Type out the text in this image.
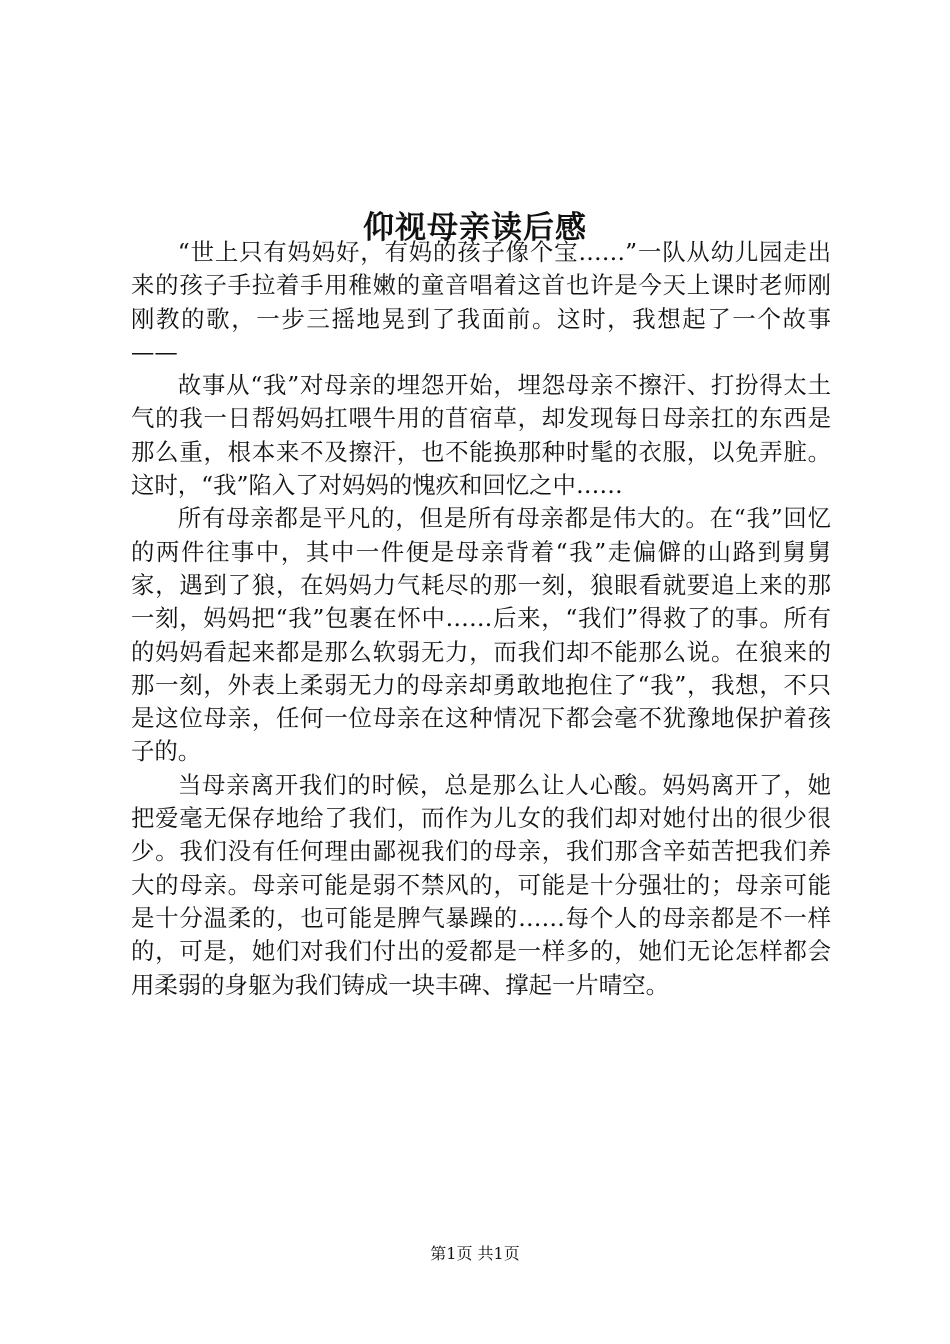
仰视母亲读后感

“世上只有妈妈好，有妈的孩子像个宝……”一队从幼儿园走出来的孩子手拉着手用稚嫩的童音唱着这首也许是今天上课时老师刚刚教的歌，一步三摇地晃到了我面前。这时，我想起了一个故事——

故事从“我”对母亲的埋怨开始，埋怨母亲不擦汗、打扮得太土气的我一日帮妈妈扛喂牛用的苜宿草，却发现每日母亲扛的东西是那么重，根本来不及擦汗，也不能换那种时髦的衣服，以免弄脏。这时，“我”陷入了对妈妈的愧疚和回忆之中……

所有母亲都是平凡的，但是所有母亲都是伟大的。在“我”回忆的两件往事中，其中一件便是母亲背着“我”走偏僻的山路到舅舅家，遇到了狼，在妈妈力气耗尽的那一刻，狼眼看就要追上来的那一刻，妈妈把“我”包裹在怀中……后来，“我们”得救了的事。所有的妈妈看起来都是那么软弱无力，而我们却不能那么说。在狼来的那一刻，外表上柔弱无力的母亲却勇敢地抱住了“我”，我想，不只是这位母亲，任何一位母亲在这种情况下都会毫不犹豫地保护着孩子的。

当母亲离开我们的时候，总是那么让人心酸。妈妈离开了，她把爱毫无保存地给了我们，而作为儿女的我们却对她付出的很少很少。我们没有任何理由鄙视我们的母亲，我们那含辛茹苦把我们养大的母亲。母亲可能是弱不禁风的，可能是十分强壮的；母亲可能是十分温柔的，也可能是脾气暴躁的……每个人的母亲都是不一样的，可是，她们对我们付出的爱都是一样多的，她们无论怎样都会用柔弱的身躯为我们铸成一块丰碑、撑起一片晴空。

第1页 共1页
